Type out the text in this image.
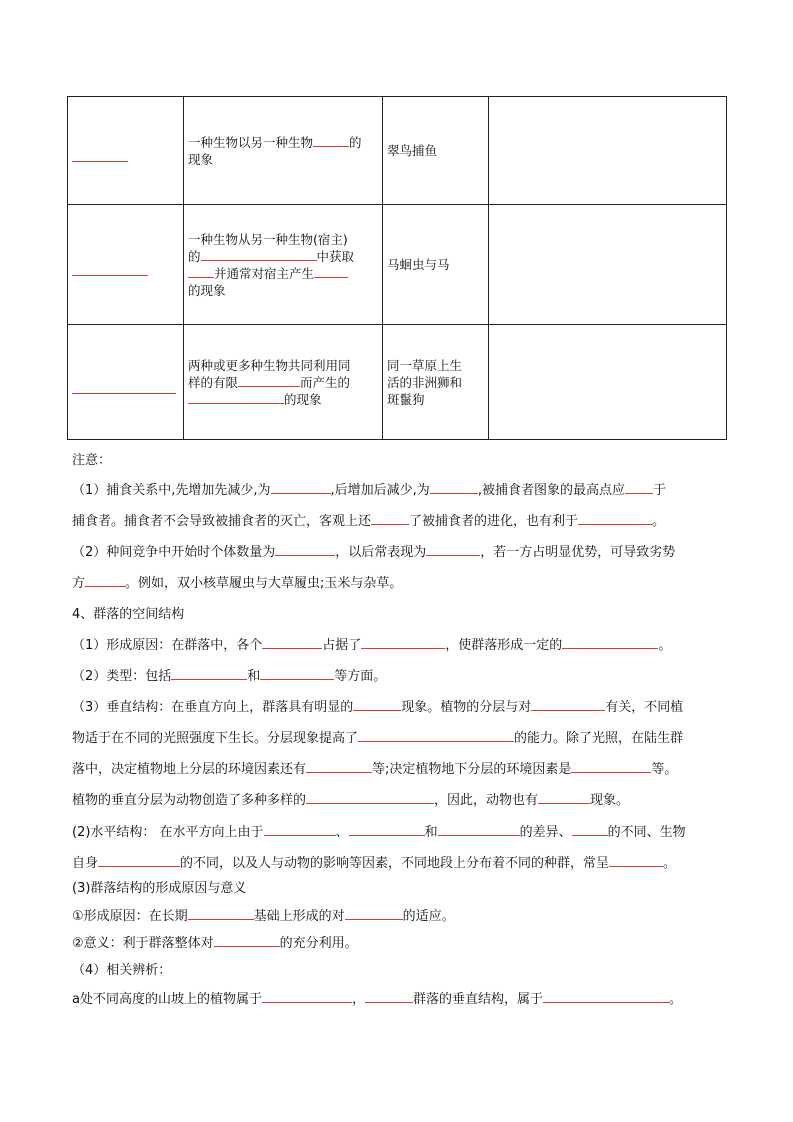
	一种生物以另一种生物 的
现象	翠鸟捕鱼	
	一种生物从另一种生物(宿主)
的 中获取
并通常对宿主产生
的现象	马蛔虫与马	
	两种或更多种生物共同利用同
样的有限 而产生的
的现象	同一草原上生
活的非洲狮和
斑鬣狗	
注意：
（1）捕食关系中,先增加先减少,为	,后增加后减少,为	,被捕食者图象的最高点应 于
捕食者。捕食者不会导致被捕食者的灭亡，客观上还	了被捕食者的进化，也有利于	。
（2）种间竞争中开始时个体数量为	，以后常表现为	，若一方占明显优势，可导致劣势
方	。例如，双小核草履虫与大草履虫;玉米与杂草。
4、群落的空间结构
（1）形成原因：在群落中，各个	占据了	，使群落形成一定的	。
（2）类型：包括	和	等方面。
（3）垂直结构：在垂直方向上，群落具有明显的	现象。植物的分层与对	有关，不同植
物适于在不同的光照强度下生长。分层现象提高了	的能力。除了光照，在陆生群
落中，决定植物地上分层的环境因素还有	等;决定植物地下分层的环境因素是	等。
植物的垂直分层为动物创造了多种多样的	，因此，动物也有	现象。
(2)水平结构： 在水平方向上由于	、	和	的差异、	的不同、生物
自身	的不同，以及人与动物的影响等因素，不同地段上分布着不同的种群，常呈	。
(3)群落结构的形成原因与意义
①形成原因：在长期	基础上形成的对	的适应。
②意义：利于群落整体对	的充分利用。
（4）相关辨析：
a处不同高度的山坡上的植物属于	，	群落的垂直结构，属于	。
